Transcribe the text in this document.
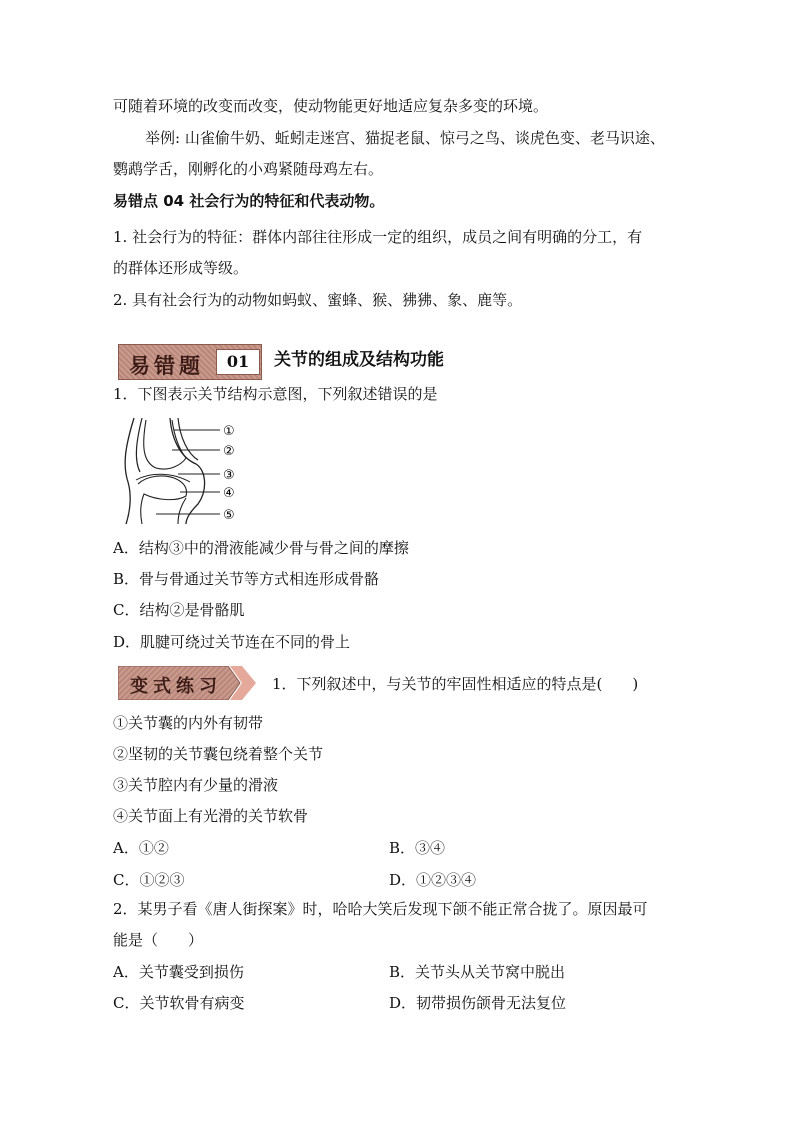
可随着环境的改变而改变，使动物能更好地适应复杂多变的环境。
举例: 山雀偷牛奶、蚯蚓走迷宫、猫捉老鼠、惊弓之鸟、谈虎色变、老马识途、
鹦鹉学舌，刚孵化的小鸡紧随母鸡左右。
易错点 04 社会行为的特征和代表动物。
1. 社会行为的特征：群体内部往往形成一定的组织，成员之间有明确的分工，有
的群体还形成等级。
2. 具有社会行为的动物如蚂蚁、蜜蜂、猴、狒狒、象、鹿等。
易错题	01	关节的组成及结构功能
1．下图表示关节结构示意图，下列叙述错误的是
①
②
③
④
⑤
A．结构③中的滑液能减少骨与骨之间的摩擦
B．骨与骨通过关节等方式相连形成骨骼
C．结构②是骨骼肌
D．肌腱可绕过关节连在不同的骨上
变式练习	1．下列叙述中，与关节的牢固性相适应的特点是(　　)
①关节囊的内外有韧带
②坚韧的关节囊包绕着整个关节
③关节腔内有少量的滑液
④关节面上有光滑的关节软骨
A．①②	B．③④
C．①②③	D．①②③④
2．某男子看《唐人街探案》时，哈哈大笑后发现下颌不能正常合拢了。原因最可
能是（　　）
A．关节囊受到损伤	B．关节头从关节窝中脱出
C．关节软骨有病变	D．韧带损伤颌骨无法复位
